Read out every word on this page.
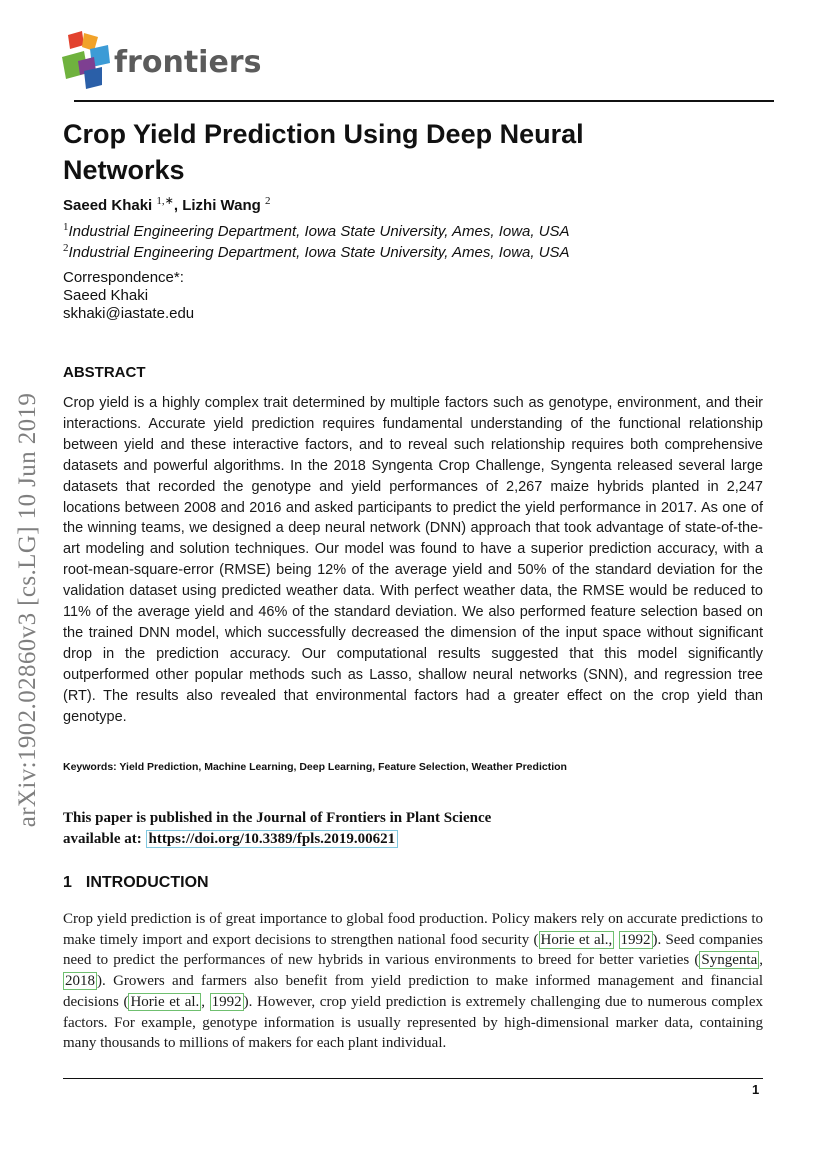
frontiers
Crop Yield Prediction Using Deep Neural Networks
Saeed Khaki $^{1,∗}$, Lizhi Wang $^2$
$^1$Industrial Engineering Department, Iowa State University, Ames, Iowa, USA
$^2$Industrial Engineering Department, Iowa State University, Ames, Iowa, USA
Correspondence*:
Saeed Khaki
skhaki@iastate.edu
arXiv:1902.02860v3 [cs.LG] 10 Jun 2019
ABSTRACT
Crop yield is a highly complex trait determined by multiple factors such as genotype, environment, and their interactions. Accurate yield prediction requires fundamental understanding of the functional relationship between yield and these interactive factors, and to reveal such relationship requires both comprehensive datasets and powerful algorithms. In the 2018 Syngenta Crop Challenge, Syngenta released several large datasets that recorded the genotype and yield performances of 2,267 maize hybrids planted in 2,247 locations between 2008 and 2016 and asked participants to predict the yield performance in 2017. As one of the winning teams, we designed a deep neural network (DNN) approach that took advantage of state-of-the-art modeling and solution techniques. Our model was found to have a superior prediction accuracy, with a root-mean-square-error (RMSE) being 12% of the average yield and 50% of the standard deviation for the validation dataset using predicted weather data. With perfect weather data, the RMSE would be reduced to 11% of the average yield and 46% of the standard deviation. We also performed feature selection based on the trained DNN model, which successfully decreased the dimension of the input space without significant drop in the prediction accuracy. Our computational results suggested that this model significantly outperformed other popular methods such as Lasso, shallow neural networks (SNN), and regression tree (RT). The results also revealed that environmental factors had a greater effect on the crop yield than genotype.
Keywords: Yield Prediction, Machine Learning, Deep Learning, Feature Selection, Weather Prediction
This paper is published in the Journal of Frontiers in Plant Science
available at: https://doi.org/10.3389/fpls.2019.00621
1 INTRODUCTION
Crop yield prediction is of great importance to global food production. Policy makers rely on accurate predictions to make timely import and export decisions to strengthen national food security ( Horie et al., 1992 ). Seed companies need to predict the performances of new hybrids in various environments to breed for better varieties ( Syngenta , 2018 ). Growers and farmers also benefit from yield prediction to make informed management and financial decisions ( Horie et al. , 1992 ). However, crop yield prediction is extremely challenging due to numerous complex factors. For example, genotype information is usually represented by high-dimensional marker data, containing many thousands to millions of makers for each plant individual.
1
